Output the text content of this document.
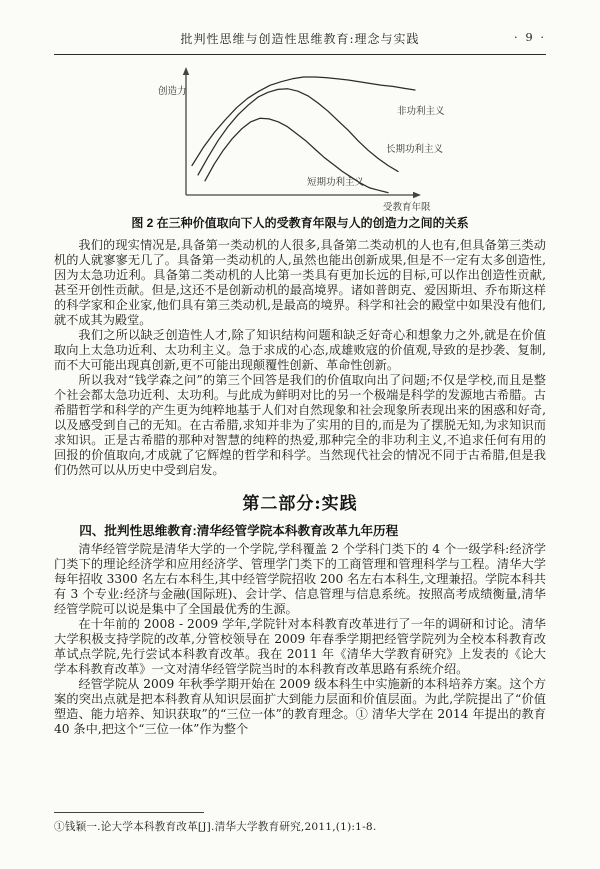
批判性思维与创造性思维教育:理念与实践	· 9 ·
创造力
受教育年限
非功利主义
长期功利主义
短期功利主义
图 2 在三种价值取向下人的受教育年限与人的创造力之间的关系

我们的现实情况是,具备第一类动机的人很多,具备第二类动机的人也有,但具备第三类动机的人就寥寥无几了。具备第一类动机的人,虽然也能出创新成果,但是不一定有太多创造性,因为太急功近利。具备第二类动机的人比第一类具有更加长远的目标,可以作出创造性贡献,甚至开创性贡献。但是,这还不是创新动机的最高境界。诸如普朗克、爱因斯坦、乔布斯这样的科学家和企业家,他们具有第三类动机,是最高的境界。科学和社会的殿堂中如果没有他们,就不成其为殿堂。

我们之所以缺乏创造性人才,除了知识结构问题和缺乏好奇心和想象力之外,就是在价值取向上太急功近利、太功利主义。急于求成的心态,成雄败寇的价值观,导致的是抄袭、复制,而不大可能出现真创新,更不可能出现颠覆性创新、革命性创新。

所以我对“钱学森之问”的第三个回答是我们的价值取向出了问题;不仅是学校,而且是整个社会都太急功近利、太功利。与此成为鲜明对比的另一个极端是科学的发源地古希腊。古希腊哲学和科学的产生更为纯粹地基于人们对自然现象和社会现象所表现出来的困惑和好奇,以及感受到自己的无知。在古希腊,求知并非为了实用的目的,而是为了摆脱无知,为求知识而求知识。正是古希腊的那种对智慧的纯粹的热爱,那种完全的非功利主义,不追求任何有用的回报的价值取向,才成就了它辉煌的哲学和科学。当然现代社会的情况不同于古希腊,但是我们仍然可以从历史中受到启发。

第二部分:实践
四、批判性思维教育:清华经管学院本科教育改革九年历程

清华经管学院是清华大学的一个学院,学科覆盖 2 个学科门类下的 4 个一级学科:经济学门类下的理论经济学和应用经济学、管理学门类下的工商管理和管理科学与工程。清华大学每年招收 3300 名左右本科生,其中经管学院招收 200 名左右本科生,文理兼招。学院本科共有 3 个专业:经济与金融(国际班)、会计学、信息管理与信息系统。按照高考成绩衡量,清华经管学院可以说是集中了全国最优秀的生源。

在十年前的 2008 - 2009 学年,学院针对本科教育改革进行了一年的调研和讨论。清华大学积极支持学院的改革,分管校领导在 2009 年春季学期把经管学院列为全校本科教育改革试点学院,先行尝试本科教育改革。我在 2011 年《清华大学教育研究》上发表的《论大学本科教育改革》一文对清华经管学院当时的本科教育改革思路有系统介绍。

经管学院从 2009 年秋季学期开始在 2009 级本科生中实施新的本科培养方案。这个方案的突出点就是把本科教育从知识层面扩大到能力层面和价值层面。为此,学院提出了“价值塑造、能力培养、知识获取”的“三位一体”的教育理念。① 清华大学在 2014 年提出的教育 40 条中,把这个“三位一体”作为整个

①钱颖一.论大学本科教育改革[J].清华大学教育研究,2011,(1):1-8.
